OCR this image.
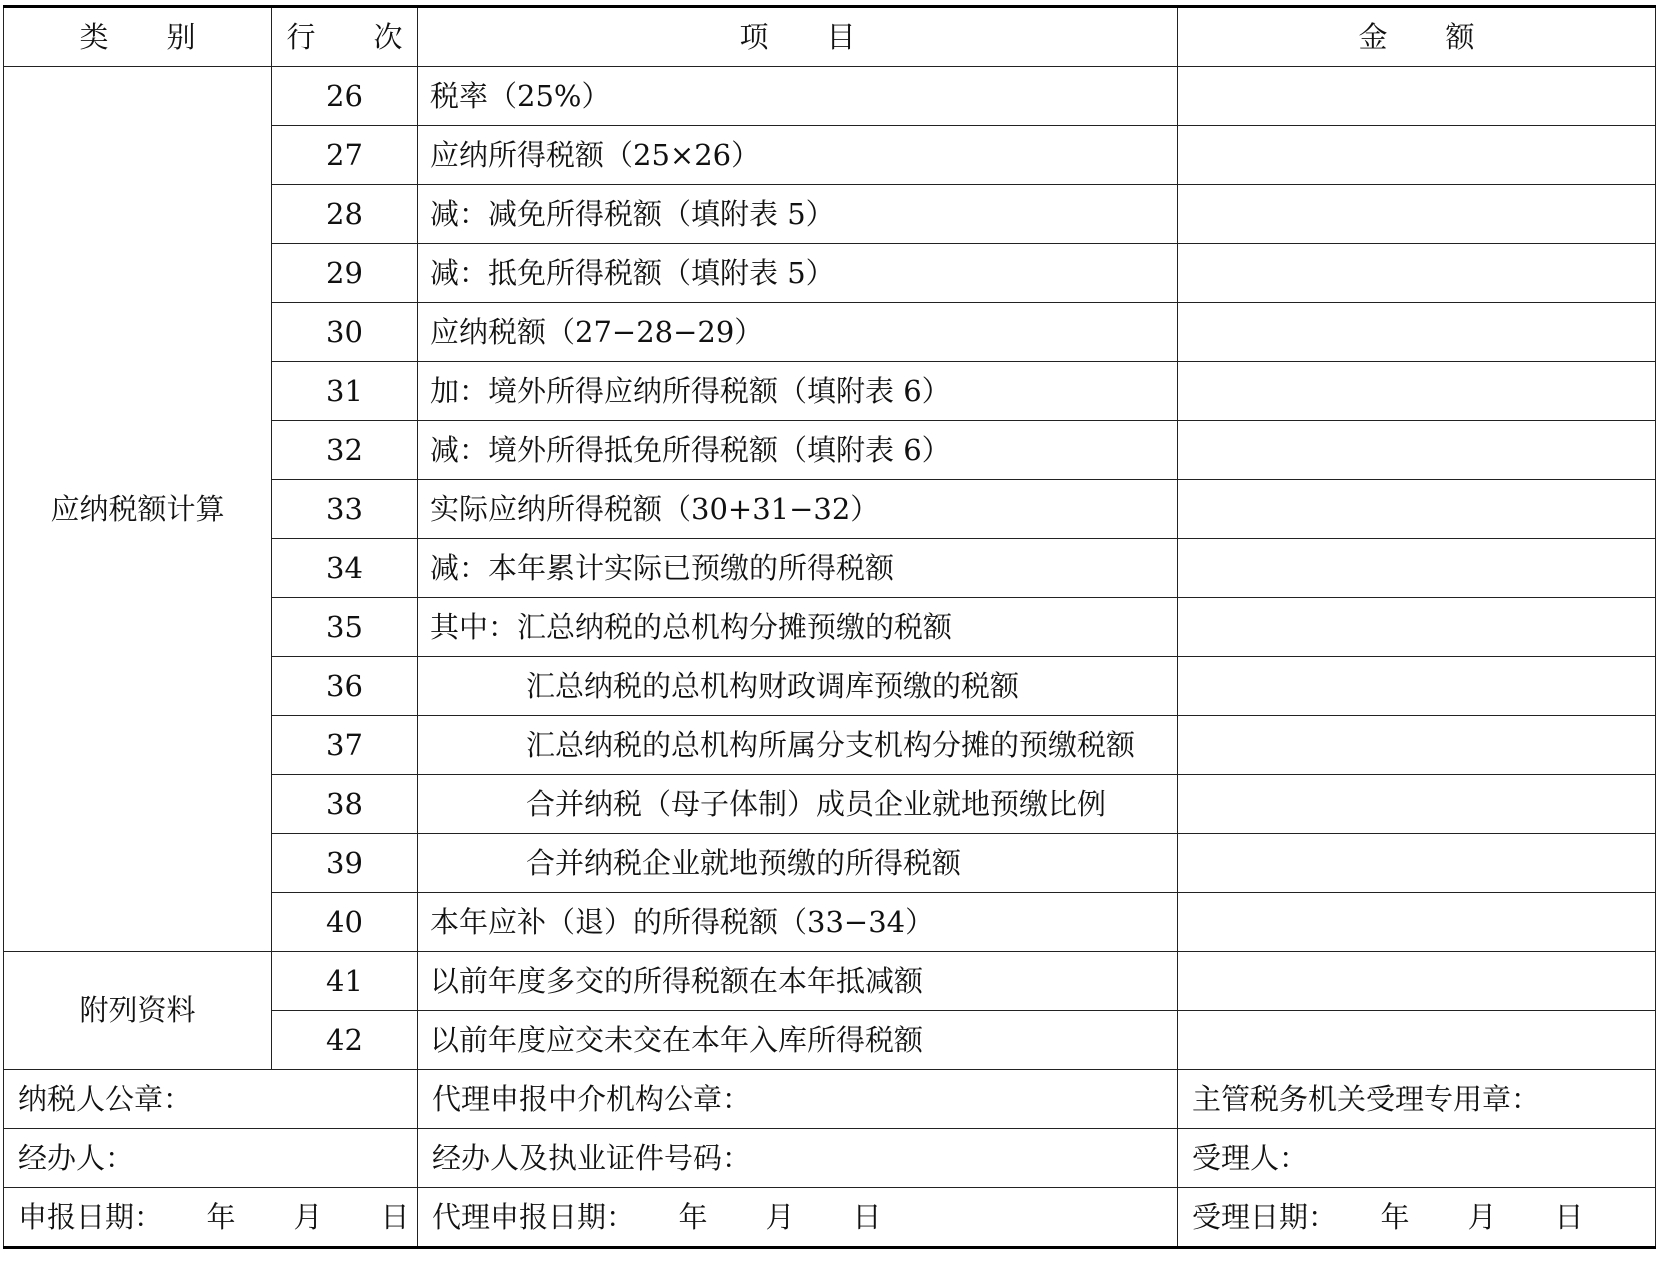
类　　别	行　　次	项　　目	金　　额
应纳税额计算	26	税率（25%）	
	27	应纳所得税额（25×26）	
	28	减：减免所得税额（填附表 5）	
	29	减：抵免所得税额（填附表 5）	
	30	应纳税额（27−28−29）	
	31	加：境外所得应纳所得税额（填附表 6）	
	32	减：境外所得抵免所得税额（填附表 6）	
	33	实际应纳所得税额（30+31−32）	
	34	减：本年累计实际已预缴的所得税额	
	35	其中：汇总纳税的总机构分摊预缴的税额	
	36	汇总纳税的总机构财政调库预缴的税额	
	37	汇总纳税的总机构所属分支机构分摊的预缴税额	
	38	合并纳税（母子体制）成员企业就地预缴比例	
	39	合并纳税企业就地预缴的所得税额	
	40	本年应补（退）的所得税额（33−34）	
附列资料	41	以前年度多交的所得税额在本年抵减额	
	42	以前年度应交未交在本年入库所得税额	
纳税人公章：		代理申报中介机构公章：	主管税务机关受理专用章：
经办人：		经办人及执业证件号码：	受理人：
申报日期：　　年　　月　　日		代理申报日期：　　年　　月　　日	受理日期：　　年　　月　　日
